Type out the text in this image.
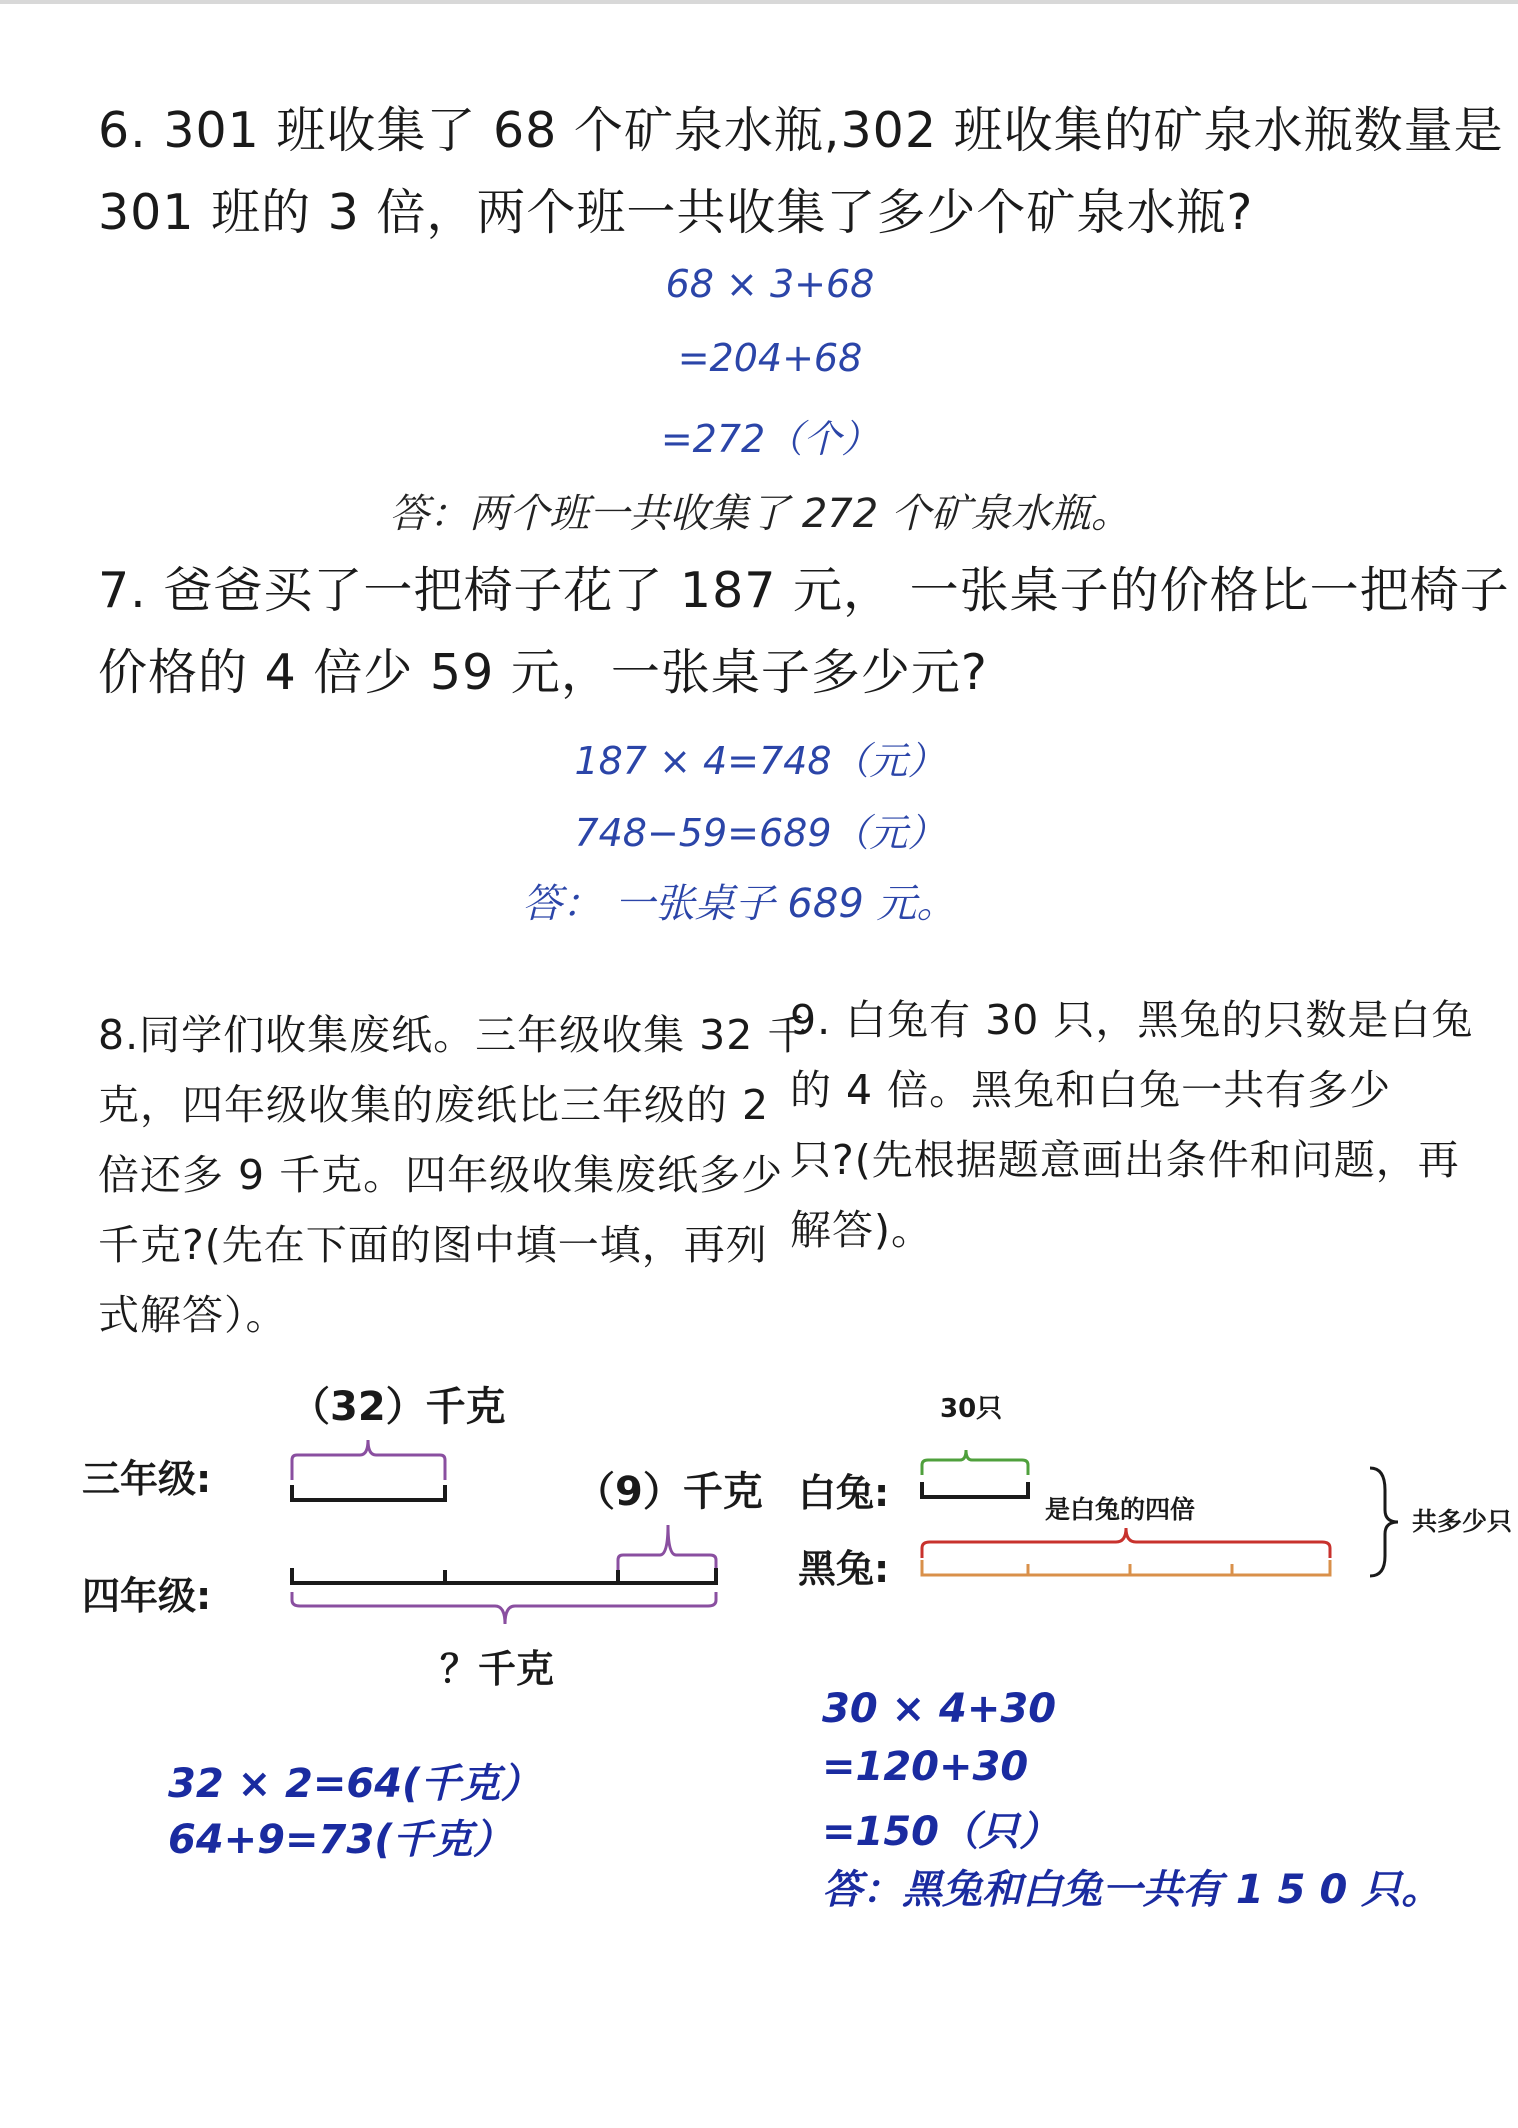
6. 301 班收集了 68 个矿泉水瓶,302 班收集的矿泉水瓶数量是
301 班的 3 倍，两个班一共收集了多少个矿泉水瓶?
68 × 3+68
=204+68
=272（个）
答：两个班一共收集了 272 个矿泉水瓶。
7. 爸爸买了一把椅子花了 187 元， 一张桌子的价格比一把椅子
价格的 4 倍少 59 元，一张桌子多少元?
187 × 4=748（元）
748−59=689（元）
答： 一张桌子 689 元。
8.同学们收集废纸。三年级收集 32 千
克，四年级收集的废纸比三年级的 2
倍还多 9 千克。四年级收集废纸多少
千克?(先在下面的图中填一填，再列
式解答）。
9. 白兔有 30 只，黑兔的只数是白兔
的 4 倍。黑兔和白兔一共有多少
只?(先根据题意画出条件和问题，再
解答)。
（32）千克
（9）千克
三年级:
四年级:
？千克
30只
白兔:
黑兔:
是白兔的四倍	共多少只
32 × 2=64(千克）
64+9=73(千克）
30 × 4+30
=120+30
=150（只）
答：黑兔和白兔一共有 1 5 0 只。
